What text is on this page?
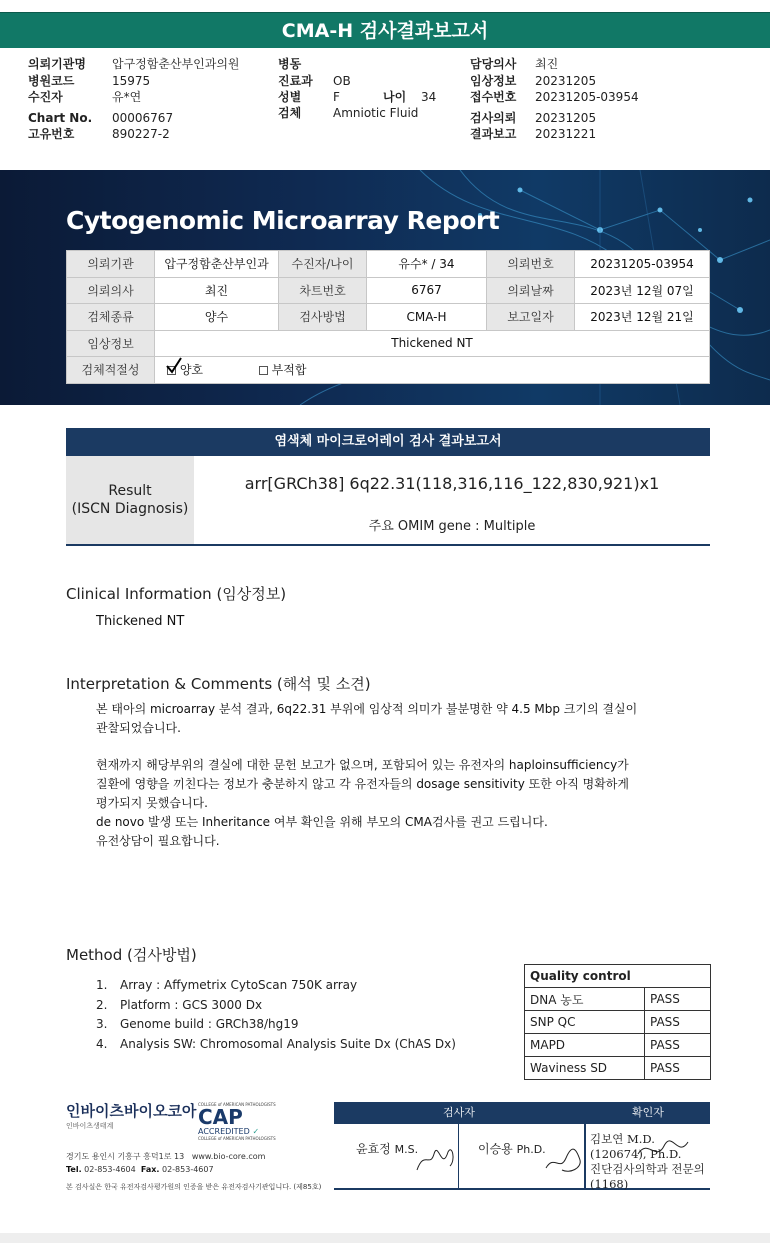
CMA-H 검사결과보고서
의뢰기관명	압구정함춘산부인과의원
병원코드	15975
수진자	유*연
Chart No.	00006767
고유번호	890227-2
병동
진료과	OB
성별	F	나이	34
검체	Amniotic Fluid
담당의사	최진
임상정보	20231205
접수번호	20231205-03954
검사의뢰	20231205
결과보고	20231221
Cytogenomic Microarray Report
의뢰기관	압구정함춘산부인과	수진자/나이	유수* / 34	의뢰번호	20231205-03954
의뢰의사	최진	차트번호	6767	의뢰날짜	2023년 12월 07일
검체종류	양수	검사방법	CMA-H	보고일자	2023년 12월 21일
임상정보	Thickened NT				
검체적절성	양호 부적합				
염색체 마이크로어레이 검사 결과보고서
Result
(ISCN Diagnosis)
arr[GRCh38] 6q22.31(118,316,116_122,830,921)x1
주요 OMIM gene : Multiple
Clinical Information (임상정보)
Thickened NT
Interpretation & Comments (해석 및 소견)
본 태아의 microarray 분석 결과, 6q22.31 부위에 임상적 의미가 불분명한 약 4.5 Mbp 크기의 결실이
관찰되었습니다.
현재까지 해당부위의 결실에 대한 문헌 보고가 없으며, 포함되어 있는 유전자의 haploinsufficiency가
질환에 영향을 끼친다는 정보가 충분하지 않고 각 유전자들의 dosage sensitivity 또한 아직 명확하게
평가되지 못했습니다.
de novo 발생 또는 Inheritance 여부 확인을 위해 부모의 CMA검사를 권고 드립니다.
유전상담이 필요합니다.
Method (검사방법)
1. Array : Affymetrix CytoScan 750K array
2. Platform : GCS 3000 Dx
3. Genome build : GRCh38/hg19
4. Analysis SW: Chromosomal Analysis Suite Dx (ChAS Dx)
Quality control	
DNA 농도	PASS
SNP QC	PASS
MAPD	PASS
Waviness SD	PASS
인바이츠바이오코아
인바이츠생태계
COLLEGE of AMERICAN PATHOLOGISTS
CAP
ACCREDITED ✓
COLLEGE of AMERICAN PATHOLOGISTS
경기도 용인시 기흥구 흥덕1로 13 www.bio-core.com
Tel. 02-853-4604 Fax. 02-853-4607
본 검사실은 한국 유전자검사평가원의 인증을 받은 유전자검사기관입니다. (제85호)
검사자	확인자
윤효정 M.S.	이승용 Ph.D.
김보연 M.D.(120674), Ph.D.
진단검사의학과 전문의(1168)
